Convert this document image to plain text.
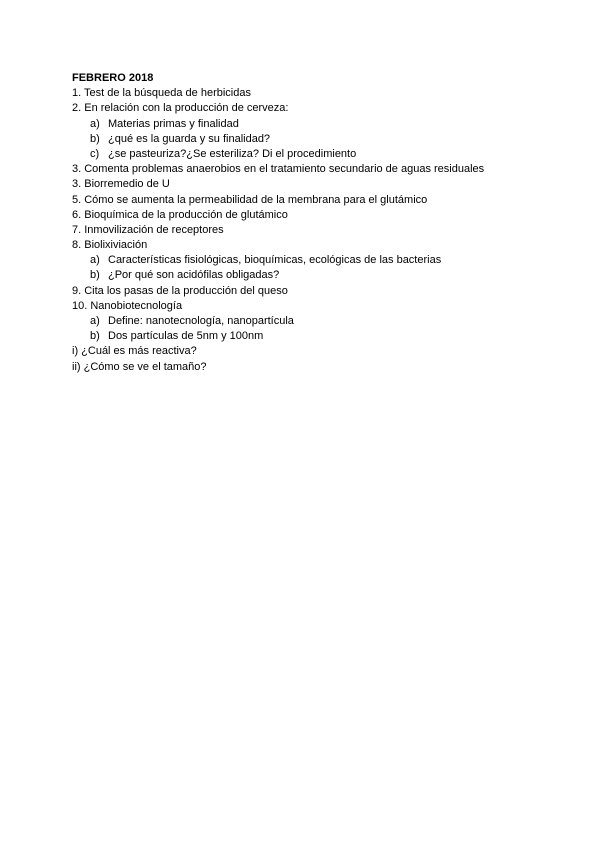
FEBRERO 2018
1. Test de la búsqueda de herbicidas
2. En relación con la producción de cerveza:
a) Materias primas y finalidad
b) ¿qué es la guarda y su finalidad?
c) ¿se pasteuriza?¿Se esteriliza? Di el procedimiento
3. Comenta problemas anaerobios en el tratamiento secundario de aguas residuales
3. Biorremedio de U
5. Cómo se aumenta la permeabilidad de la membrana para el glutámico
6. Bioquímica de la producción de glutámico
7. Inmovilización de receptores
8. Biolixiviación
a) Características fisiológicas, bioquímicas, ecológicas de las bacterias
b) ¿Por qué son acidófilas obligadas?
9. Cita los pasas de la producción del queso
10. Nanobiotecnología
a) Define: nanotecnología, nanopartícula
b) Dos partículas de 5nm y 100nm
i) ¿Cuál es más reactiva?
ii) ¿Cómo se ve el tamaño?
